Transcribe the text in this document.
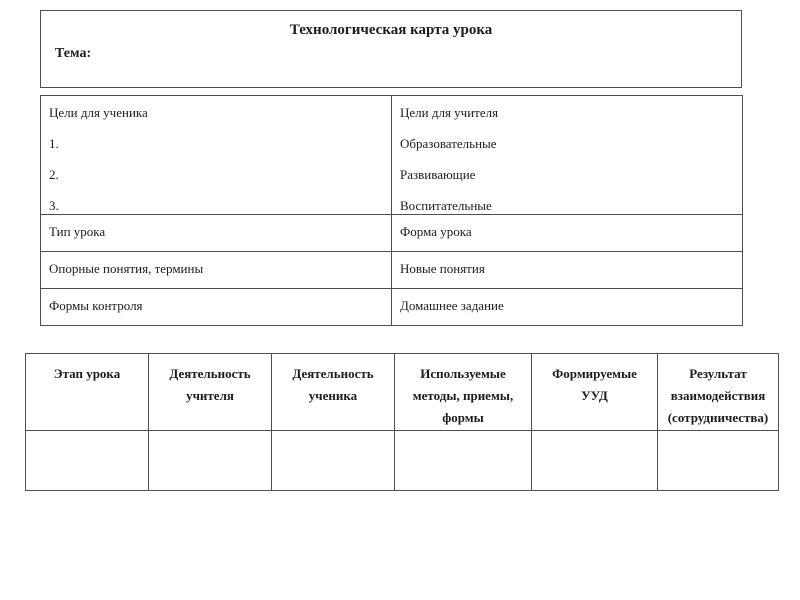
Технологическая карта урока
Тема:
Цели для ученика
1.
2.
3.

Цели для учителя
Образовательные
Развивающие
Воспитательные

Тип урока	Форма урока
Опорные понятия, термины	Новые понятия
Формы контроля	Домашнее задание
Этап урока	Деятельность учителя	Деятельность ученика	Используемые методы, приемы, формы	Формируемые УУД	Результат взаимодействия (сотрудничества)
